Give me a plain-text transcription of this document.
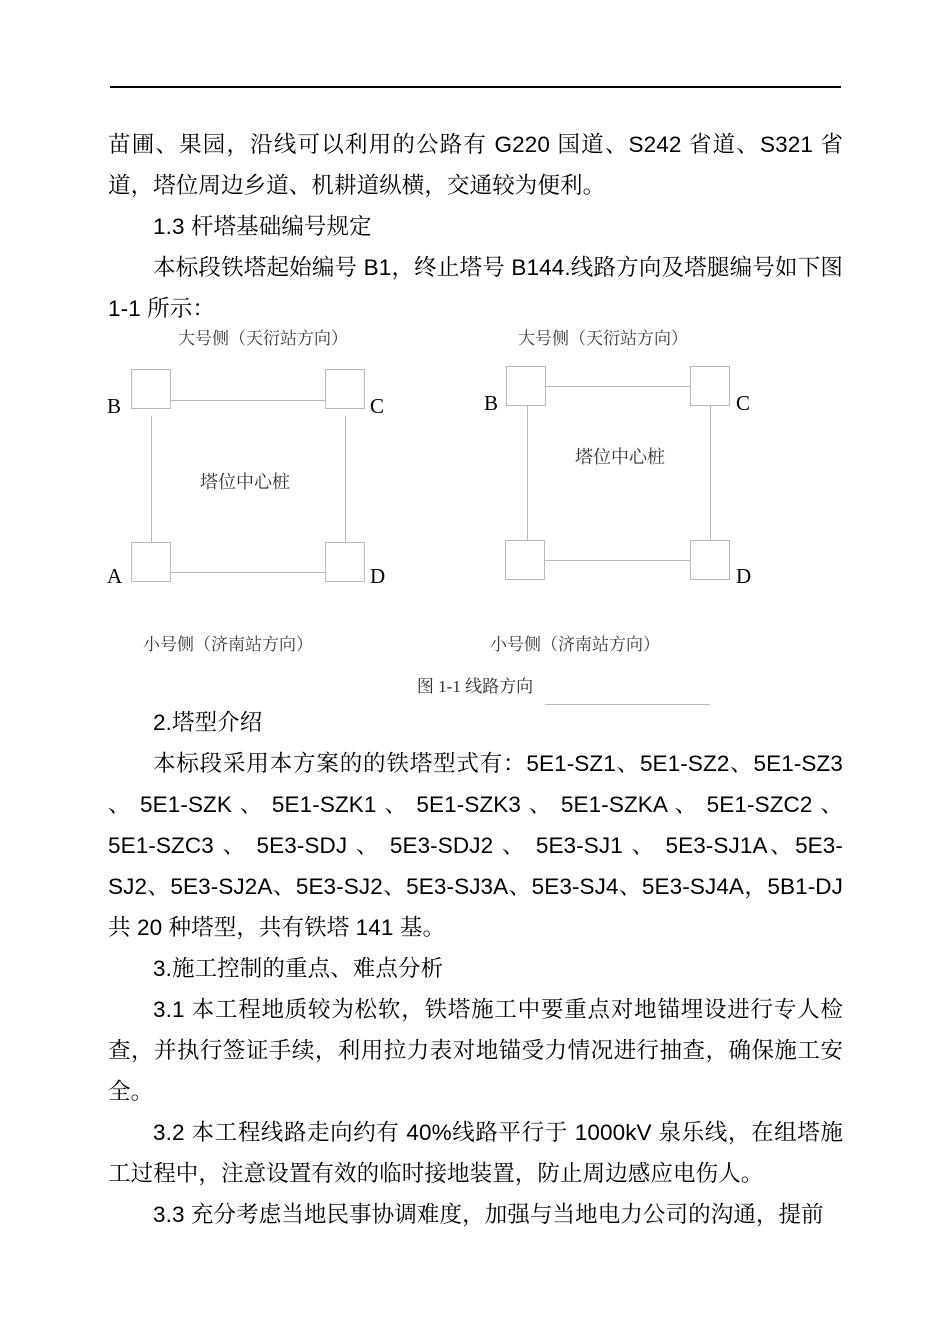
苗圃、果园，沿线可以利用的公路有 G220 国道、S242 省道、S321 省道，塔位周边乡道、机耕道纵横，交通较为便利。

1.3 杆塔基础编号规定

本标段铁塔起始编号 B1，终止塔号 B144.线路方向及塔腿编号如下图 1-1 所示：

大号侧（天衍站方向）
B	C
A	D
塔位中心桩
小号侧（济南站方向）
大号侧（天衍站方向）
B	C
D
塔位中心桩
小号侧（济南站方向）
图 1-1 线路方向

2.塔型介绍

本标段采用本方案的的铁塔型式有：5E1-SZ1、5E1-SZ2、5E1-SZ3 、 5E1-SZK 、 5E1-SZK1 、 5E1-SZK3 、 5E1-SZKA 、 5E1-SZC2 、 5E1-SZC3 、 5E3-SDJ 、 5E3-SDJ2 、 5E3-SJ1 、 5E3-SJ1A、5E3-SJ2、5E3-SJ2A、5E3-SJ2、5E3-SJ3A、5E3-SJ4、5E3-SJ4A，5B1-DJ 共 20 种塔型，共有铁塔 141 基。

3.施工控制的重点、难点分析

3.1 本工程地质较为松软，铁塔施工中要重点对地锚埋设进行专人检查，并执行签证手续，利用拉力表对地锚受力情况进行抽查，确保施工安全。

3.2 本工程线路走向约有 40%线路平行于 1000kV 泉乐线，在组塔施工过程中，注意设置有效的临时接地装置，防止周边感应电伤人。

3.3 充分考虑当地民事协调难度，加强与当地电力公司的沟通，提前
